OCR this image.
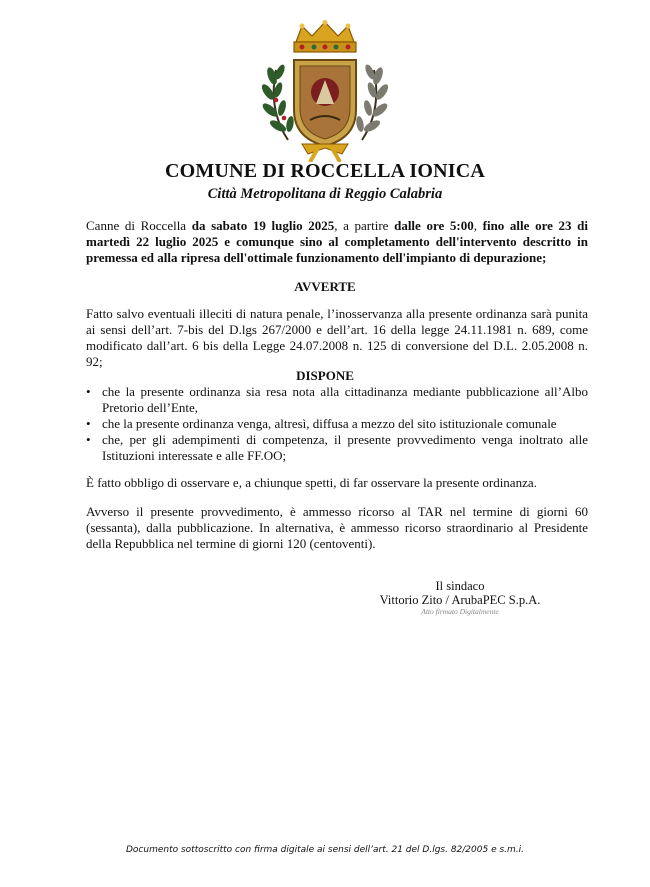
COMUNE DI ROCCELLA IONICA
Città Metropolitana di Reggio Calabria
Canne di Roccella da sabato 19 luglio 2025, a partire dalle ore 5:00, fino alle ore 23 di martedì 22 luglio 2025 e comunque sino al completamento dell'intervento descritto in premessa ed alla ripresa dell'ottimale funzionamento dell'impianto di depurazione;
AVVERTE
Fatto salvo eventuali illeciti di natura penale, l’inosservanza alla presente ordinanza sarà punita ai sensi dell’art. 7-bis del D.lgs 267/2000 e dell’art. 16 della legge 24.11.1981 n. 689, come modificato dall’art. 6 bis della Legge 24.07.2008 n. 125 di conversione del D.L. 2.05.2008 n. 92;
DISPONE
• che la presente ordinanza sia resa nota alla cittadinanza mediante pubblicazione all’Albo Pretorio dell’Ente,
• che la presente ordinanza venga, altresì, diffusa a mezzo del sito istituzionale comunale
• che, per gli adempimenti di competenza, il presente provvedimento venga inoltrato alle Istituzioni interessate e alle FF.OO;
È fatto obbligo di osservare e, a chiunque spetti, di far osservare la presente ordinanza.
Avverso il presente provvedimento, è ammesso ricorso al TAR nel termine di giorni 60 (sessanta), dalla pubblicazione. In alternativa, è ammesso ricorso straordinario al Presidente della Repubblica nel termine di giorni 120 (centoventi).
Il sindaco
Vittorio Zito / ArubaPEC S.p.A.
Atto firmato Digitalmente
Documento sottoscritto con firma digitale ai sensi dell’art. 21 del D.lgs. 82/2005 e s.m.i.
